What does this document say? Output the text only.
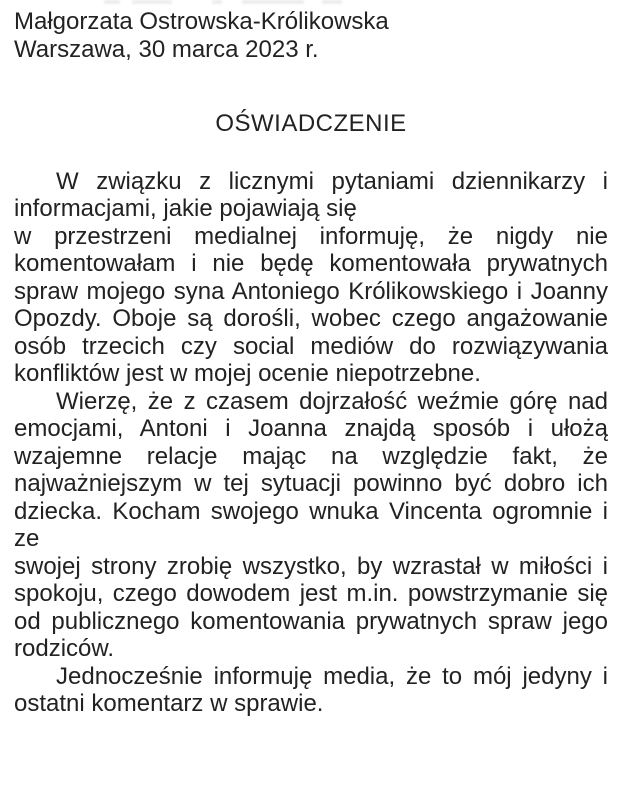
Małgorzata Ostrowska-Królikowska
Warszawa, 30 marca 2023 r.
OŚWIADCZENIE
W związku z licznymi pytaniami dziennikarzy i
informacjami, jakie pojawiają się
w przestrzeni medialnej informuję, że nigdy nie
komentowałam i nie będę komentowała prywatnych
spraw mojego syna Antoniego Królikowskiego i Joanny
Opozdy. Oboje są dorośli, wobec czego angażowanie
osób trzecich czy social mediów do rozwiązywania
konfliktów jest w mojej ocenie niepotrzebne.
Wierzę, że z czasem dojrzałość weźmie górę nad
emocjami, Antoni i Joanna znajdą sposób i ułożą
wzajemne relacje mając na względzie fakt, że
najważniejszym w tej sytuacji powinno być dobro ich
dziecka. Kocham swojego wnuka Vincenta ogromnie i ze
swojej strony zrobię wszystko, by wzrastał w miłości i
spokoju, czego dowodem jest m.in. powstrzymanie się
od publicznego komentowania prywatnych spraw jego
rodziców.
Jednocześnie informuję media, że to mój jedyny i
ostatni komentarz w sprawie.
